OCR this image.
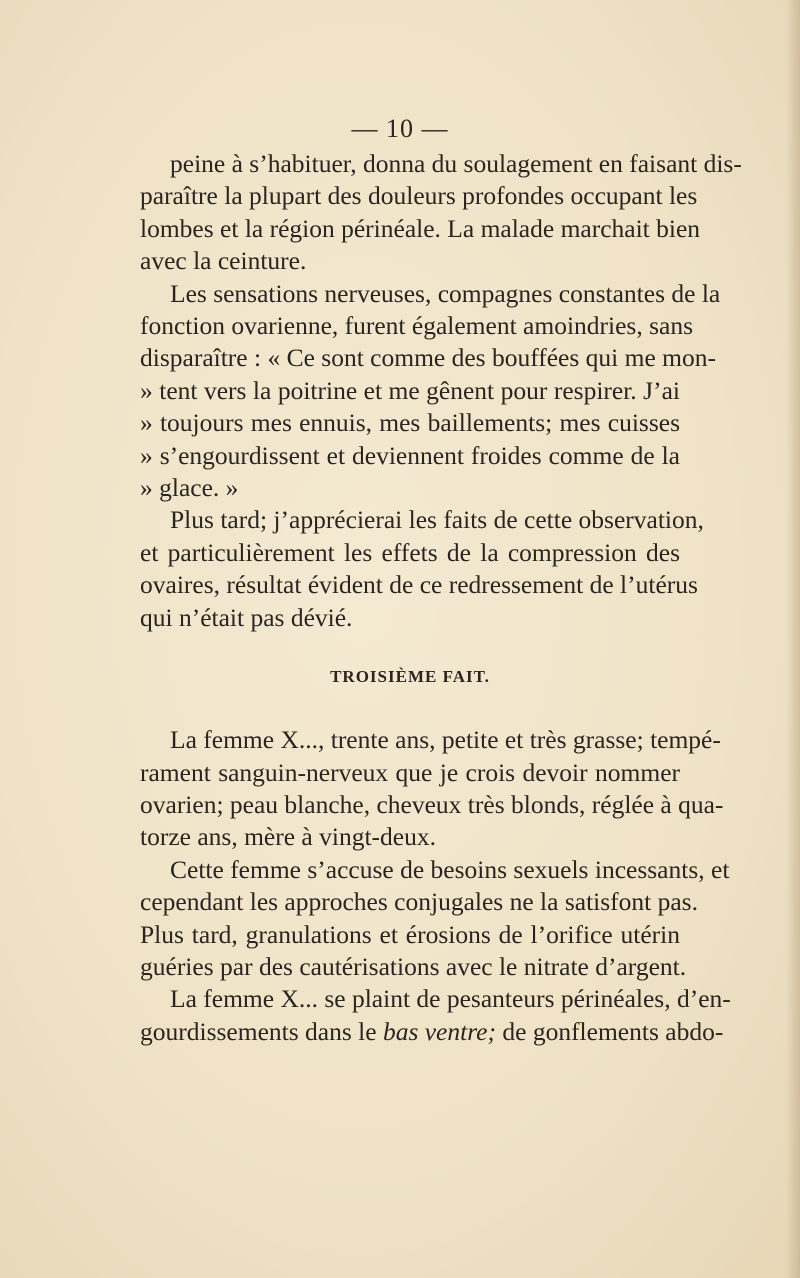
— 10 —
peine à s’habituer, donna du soulagement en faisant dis-
paraître la plupart des douleurs profondes occupant les
lombes et la région périnéale. La malade marchait bien
avec la ceinture.
Les sensations nerveuses, compagnes constantes de la
fonction ovarienne, furent également amoindries, sans
disparaître : « Ce sont comme des bouffées qui me mon-
» tent vers la poitrine et me gênent pour respirer. J’ai
» toujours mes ennuis, mes baillements; mes cuisses
» s’engourdissent et deviennent froides comme de la
» glace. »
Plus tard; j’apprécierai les faits de cette observation,
et particulièrement les effets de la compression des
ovaires, résultat évident de ce redressement de l’utérus
qui n’était pas dévié.
TROISIÈME FAIT.
La femme X..., trente ans, petite et très grasse; tempé-
rament sanguin-nerveux que je crois devoir nommer
ovarien; peau blanche, cheveux très blonds, réglée à qua-
torze ans, mère à vingt-deux.
Cette femme s’accuse de besoins sexuels incessants, et
cependant les approches conjugales ne la satisfont pas.
Plus tard, granulations et érosions de l’orifice utérin
guéries par des cautérisations avec le nitrate d’argent.
La femme X... se plaint de pesanteurs périnéales, d’en-
gourdissements dans le bas ventre; de gonflements abdo-
